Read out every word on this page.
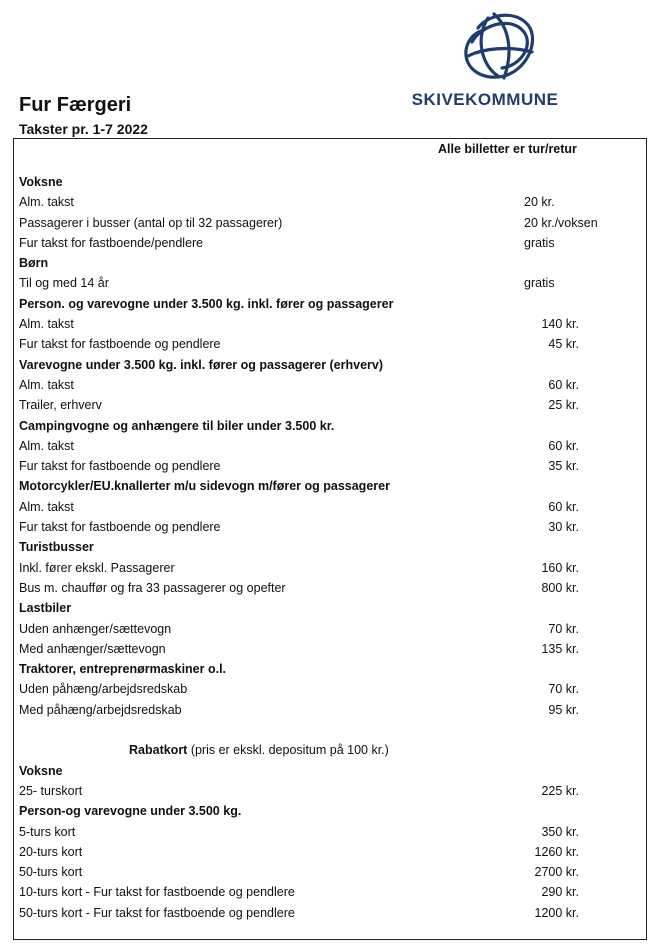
SKIVEKOMMUNE
Fur Færgeri
Takster pr. 1-7 2022
Alle billetter er tur/retur
Voksne
Alm. takst	20 kr.
Passagerer i busser (antal op til 32 passagerer)	20 kr./voksen
Fur takst for fastboende/pendlere	gratis
Børn
Til og med 14 år	gratis
Person. og varevogne under 3.500 kg. inkl. fører og passagerer
Alm. takst	140 kr.
Fur takst for fastboende og pendlere	45 kr.
Varevogne under 3.500 kg. inkl. fører og passagerer (erhverv)
Alm. takst	60 kr.
Trailer, erhverv	25 kr.
Campingvogne og anhængere til biler under 3.500 kr.
Alm. takst	60 kr.
Fur takst for fastboende og pendlere	35 kr.
Motorcykler/EU.knallerter m/u sidevogn m/fører og passagerer
Alm. takst	60 kr.
Fur takst for fastboende og pendlere	30 kr.
Turistbusser
Inkl. fører ekskl. Passagerer	160 kr.
Bus m. chauffør og fra 33 passagerer og opefter	800 kr.
Lastbiler
Uden anhænger/sættevogn	70 kr.
Med anhænger/sættevogn	135 kr.
Traktorer, entreprenørmaskiner o.l.
Uden påhæng/arbejdsredskab	70 kr.
Med påhæng/arbejdsredskab	95 kr.
Rabatkort (pris er ekskl. depositum på 100 kr.)
Voksne
25- turskort	225 kr.
Person-og varevogne under 3.500 kg.
5-turs kort	350 kr.
20-turs kort	1260 kr.
50-turs kort	2700 kr.
10-turs kort - Fur takst for fastboende og pendlere	290 kr.
50-turs kort - Fur takst for fastboende og pendlere	1200 kr.
